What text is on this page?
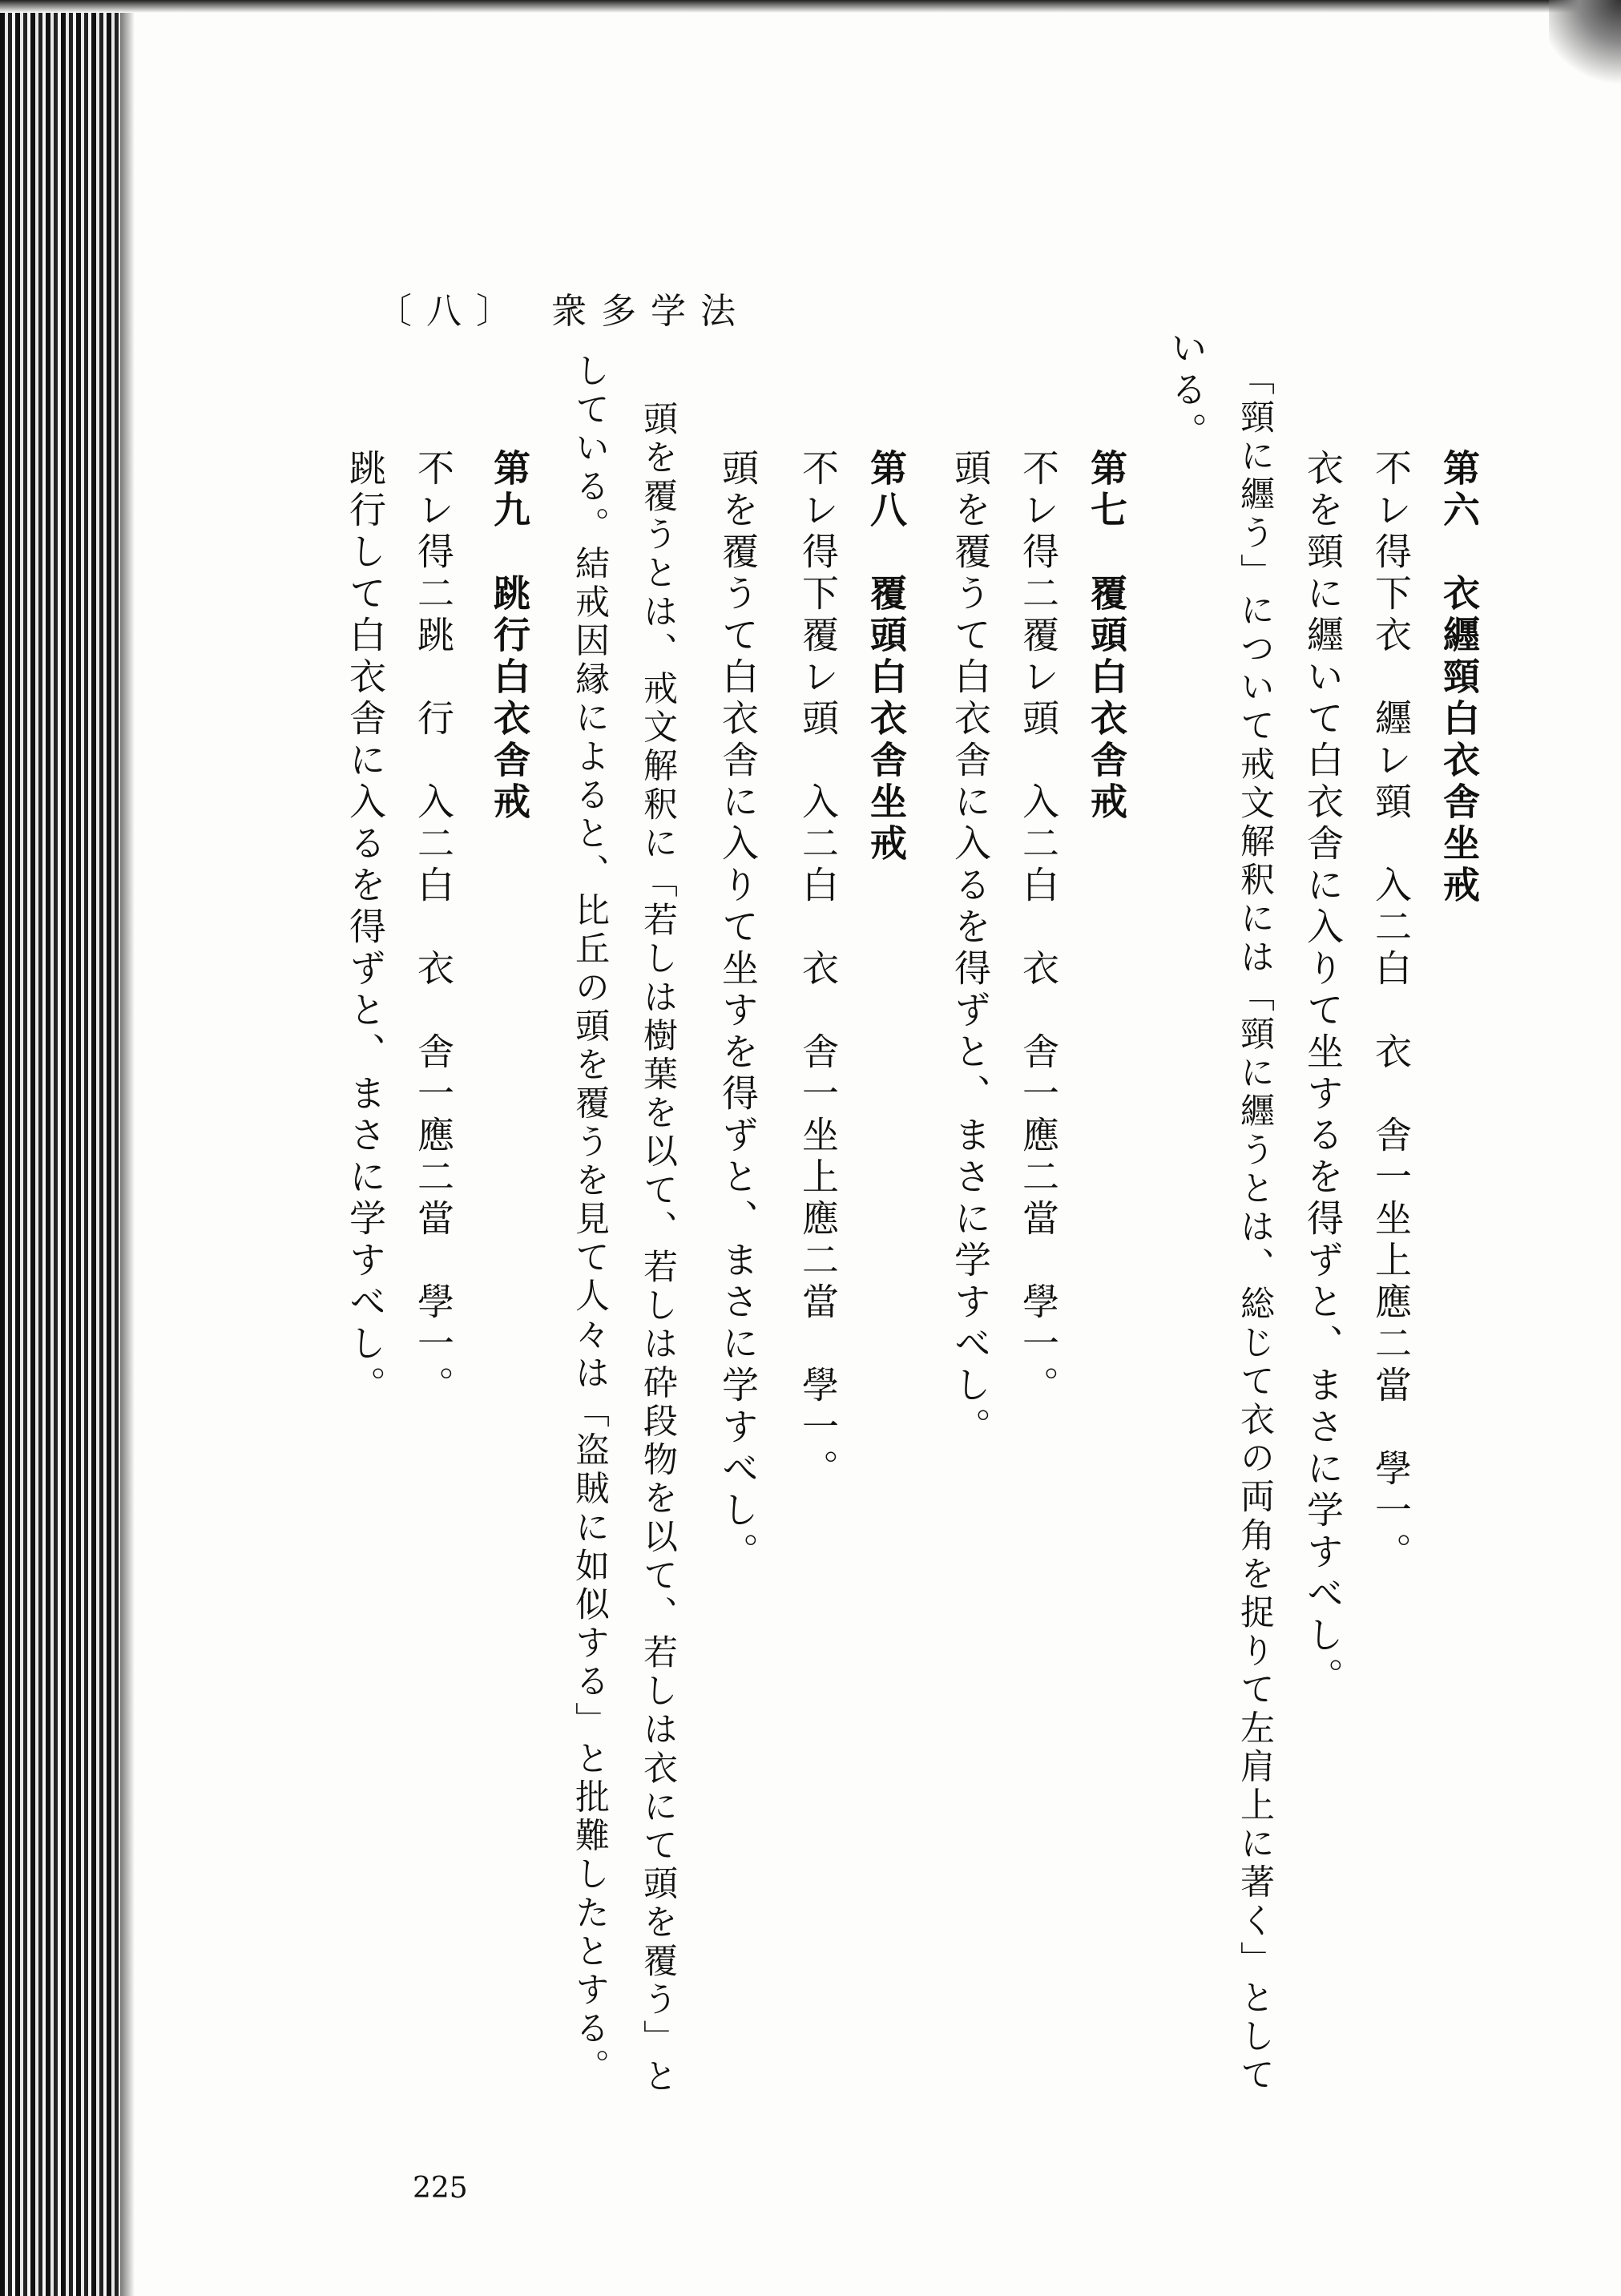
〔八〕 衆多学法
第六　衣纒頸白衣舎坐戒
不レ得下衣　纒レ頸　入二白　衣　舎一坐上應二當　學一。
衣を頸に纒いて白衣舎に入りて坐するを得ずと、まさに学すべし。
「頸に纒う」について戒文解釈には「頸に纒うとは、総じて衣の両角を捉りて左肩上に著く」として
いる。
第七　覆頭白衣舎戒
不レ得二覆レ頭　入二白　衣　舎一應二當　學一。
頭を覆うて白衣舎に入るを得ずと、まさに学すべし。
第八　覆頭白衣舎坐戒
不レ得下覆レ頭　入二白　衣　舎一坐上應二當　學一。
頭を覆うて白衣舎に入りて坐すを得ずと、まさに学すべし。
頭を覆うとは、戒文解釈に「若しは樹葉を以て、若しは砕段物を以て、若しは衣にて頭を覆う」と
している。結戒因縁によると、比丘の頭を覆うを見て人々は「盗賊に如似する」と批難したとする。
第九　跳行白衣舎戒
不レ得二跳　行　入二白　衣　舎一應二當　學一。
跳行して白衣舎に入るを得ずと、まさに学すべし。
225
